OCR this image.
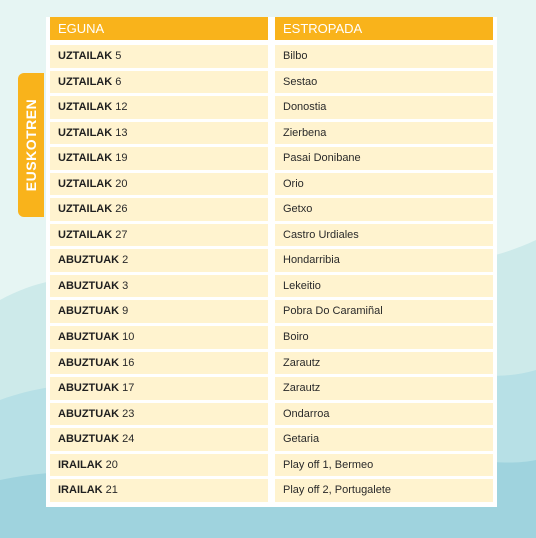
EUSKOTREN
EGUNA
UZTAILAK 5
UZTAILAK 6
UZTAILAK 12
UZTAILAK 13
UZTAILAK 19
UZTAILAK 20
UZTAILAK 26
UZTAILAK 27
ABUZTUAK 2
ABUZTUAK 3
ABUZTUAK 9
ABUZTUAK 10
ABUZTUAK 16
ABUZTUAK 17
ABUZTUAK 23
ABUZTUAK 24
IRAILAK 20
IRAILAK 21
ESTROPADA
Bilbo
Sestao
Donostia
Zierbena
Pasai Donibane
Orio
Getxo
Castro Urdiales
Hondarribia
Lekeitio
Pobra Do Caramiñal
Boiro
Zarautz
Zarautz
Ondarroa
Getaria
Play off 1, Bermeo
Play off 2, Portugalete
